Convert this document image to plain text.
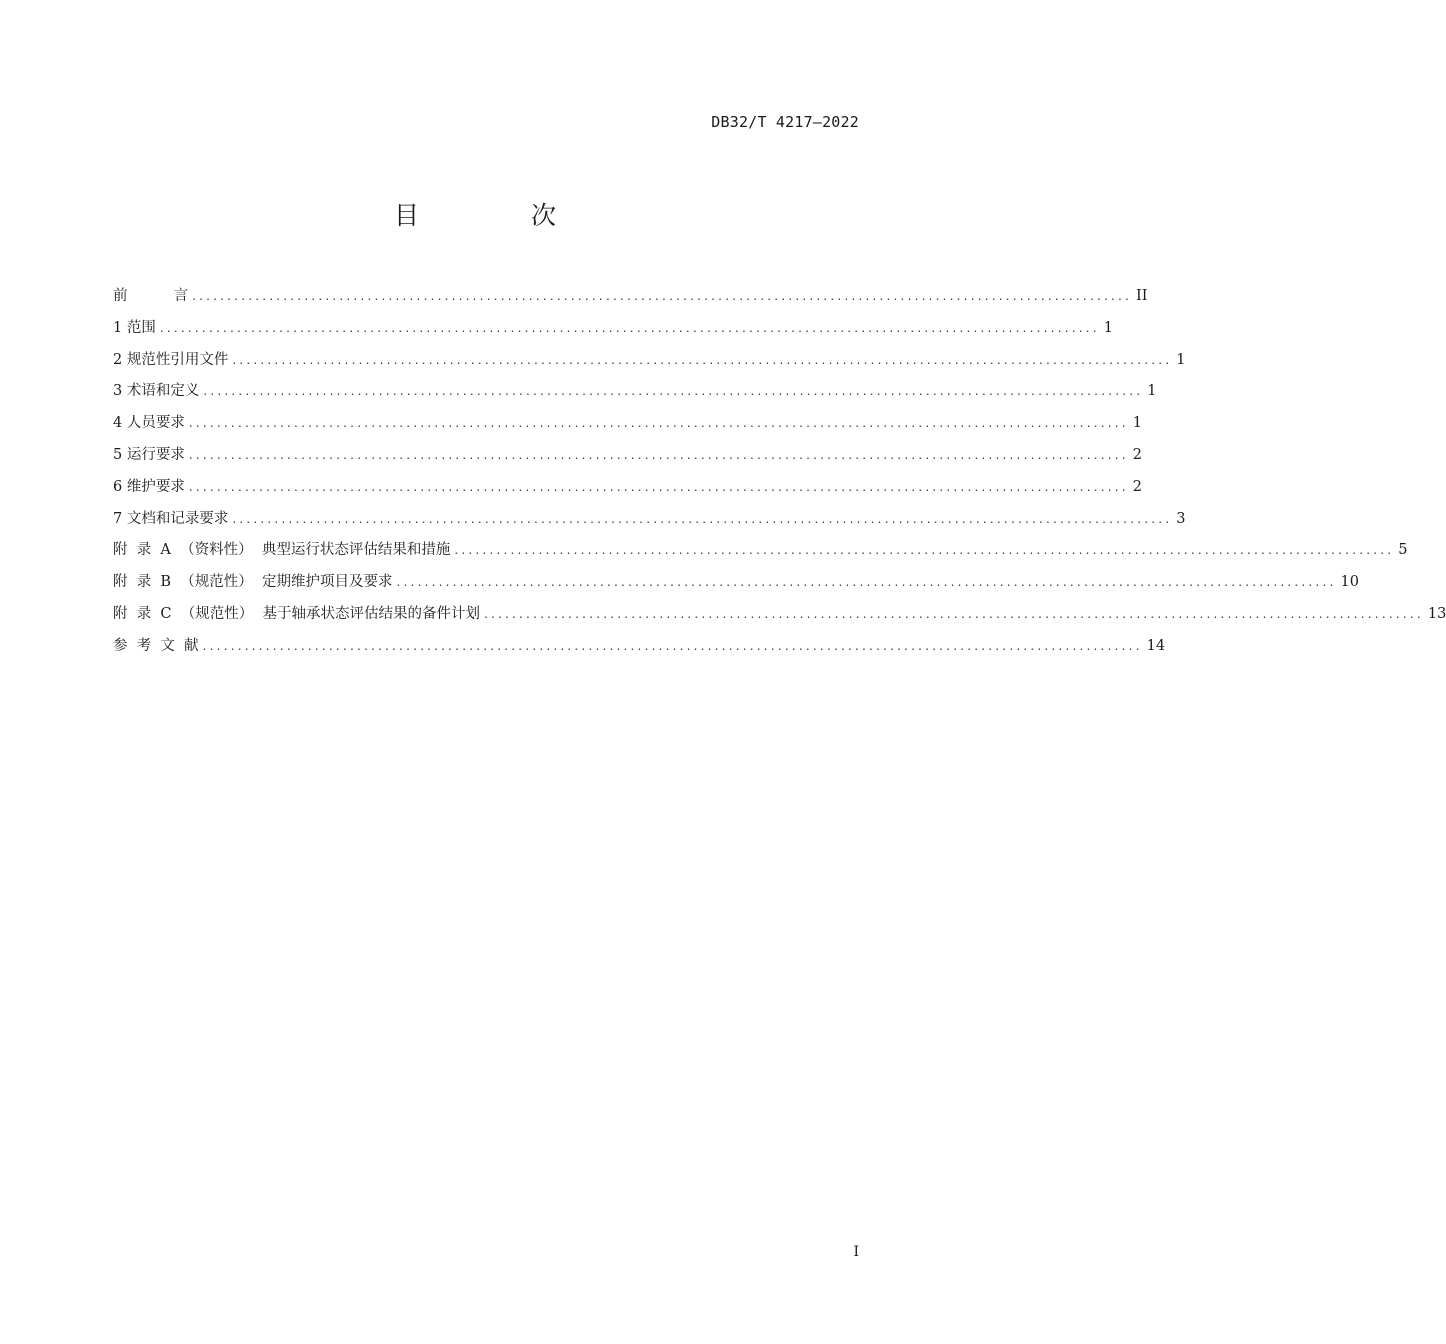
DB32/T 4217—2022
目 次
前          言 ...................................................................................................................................... II
1 范围 ...................................................................................................................................... 1
2 规范性引用文件 ...................................................................................................................................... 1
3 术语和定义 ...................................................................................................................................... 1
4 人员要求 ...................................................................................................................................... 1
5 运行要求 ...................................................................................................................................... 2
6 维护要求 ...................................................................................................................................... 2
7 文档和记录要求 ...................................................................................................................................... 3
附  录  A  （资料性）  典型运行状态评估结果和措施 ...................................................................................................................................... 5
附  录  B  （规范性）  定期维护项目及要求 ...................................................................................................................................... 10
附  录  C  （规范性）  基于轴承状态评估结果的备件计划 ...................................................................................................................................... 13
参  考  文  献 ...................................................................................................................................... 14
I
